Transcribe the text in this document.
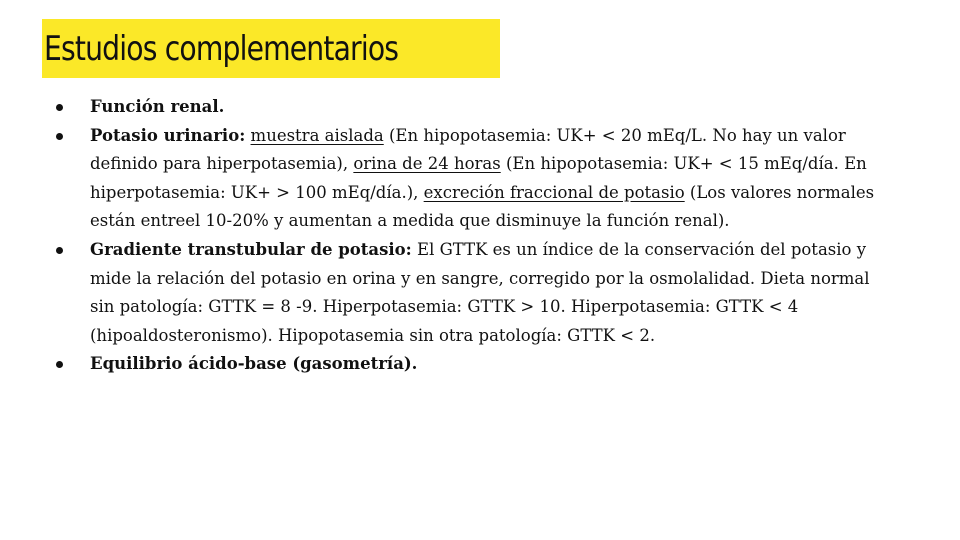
Estudios complementarios
Función renal.
Potasio urinario: muestra aislada (En hipopotasemia: UK+ < 20 mEq/L. No hay un valor definido para hiperpotasemia), orina de 24 horas (En hipopotasemia: UK+ < 15 mEq/día. En hiperpotasemia: UK+ > 100 mEq/día.), excreción fraccional de potasio (Los valores normales están entreel 10-20% y aumentan a medida que disminuye la función renal).
Gradiente transtubular de potasio: El GTTK es un índice de la conservación del potasio y mide la relación del potasio en orina y en sangre, corregido por la osmolalidad. Dieta normal sin patología: GTTK = 8 -9. Hiperpotasemia: GTTK > 10. Hiperpotasemia: GTTK < 4 (hipoaldosteronismo). Hipopotasemia sin otra patología: GTTK < 2.
Equilibrio ácido-base (gasometría).
